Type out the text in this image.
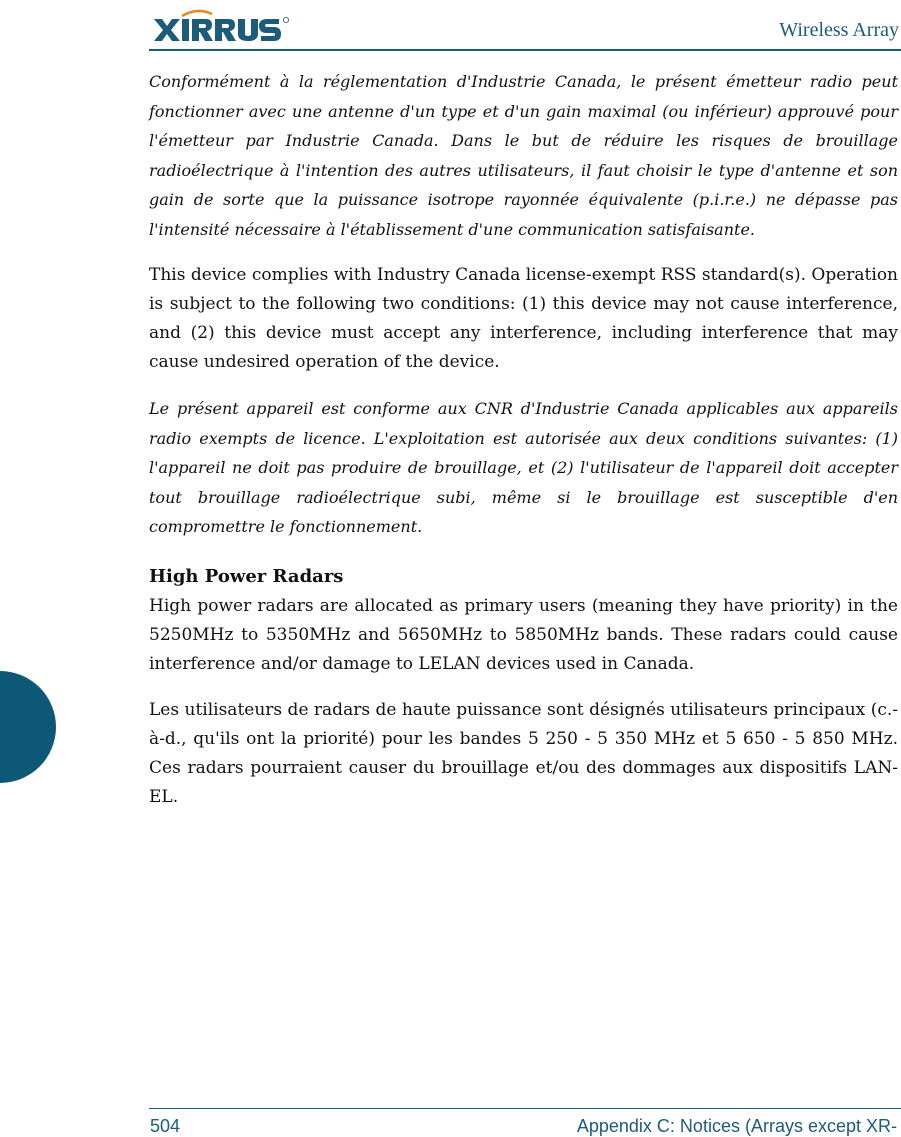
Wireless Array

Conformément à la réglementation d'Industrie Canada, le présent émetteur radio peut fonctionner avec une antenne d'un type et d'un gain maximal (ou inférieur) approuvé pour l'émetteur par Industrie Canada. Dans le but de réduire les risques de brouillage radioélectrique à l'intention des autres utilisateurs, il faut choisir le type d'antenne et son gain de sorte que la puissance isotrope rayonnée équivalente (p.i.r.e.) ne dépasse pas l'intensité nécessaire à l'établissement d'une communication satisfaisante.

This device complies with Industry Canada license-exempt RSS standard(s). Operation is subject to the following two conditions: (1) this device may not cause interference, and (2) this device must accept any interference, including interference that may cause undesired operation of the device.

Le présent appareil est conforme aux CNR d'Industrie Canada applicables aux appareils radio exempts de licence. L'exploitation est autorisée aux deux conditions suivantes: (1) l'appareil ne doit pas produire de brouillage, et (2) l'utilisateur de l'appareil doit accepter tout brouillage radioélectrique subi, même si le brouillage est susceptible d'en compromettre le fonctionnement.

High Power Radars

High power radars are allocated as primary users (meaning they have priority) in the 5250MHz to 5350MHz and 5650MHz to 5850MHz bands. These radars could cause interference and/or damage to LELAN devices used in Canada.

Les utilisateurs de radars de haute puissance sont désignés utilisateurs principaux (c.-à-d., qu'ils ont la priorité) pour les bandes 5 250 - 5 350 MHz et 5 650 - 5 850 MHz. Ces radars pourraient causer du brouillage et/ou des dommages aux dispositifs LAN-EL.

504	Appendix C: Notices (Arrays except XR-
